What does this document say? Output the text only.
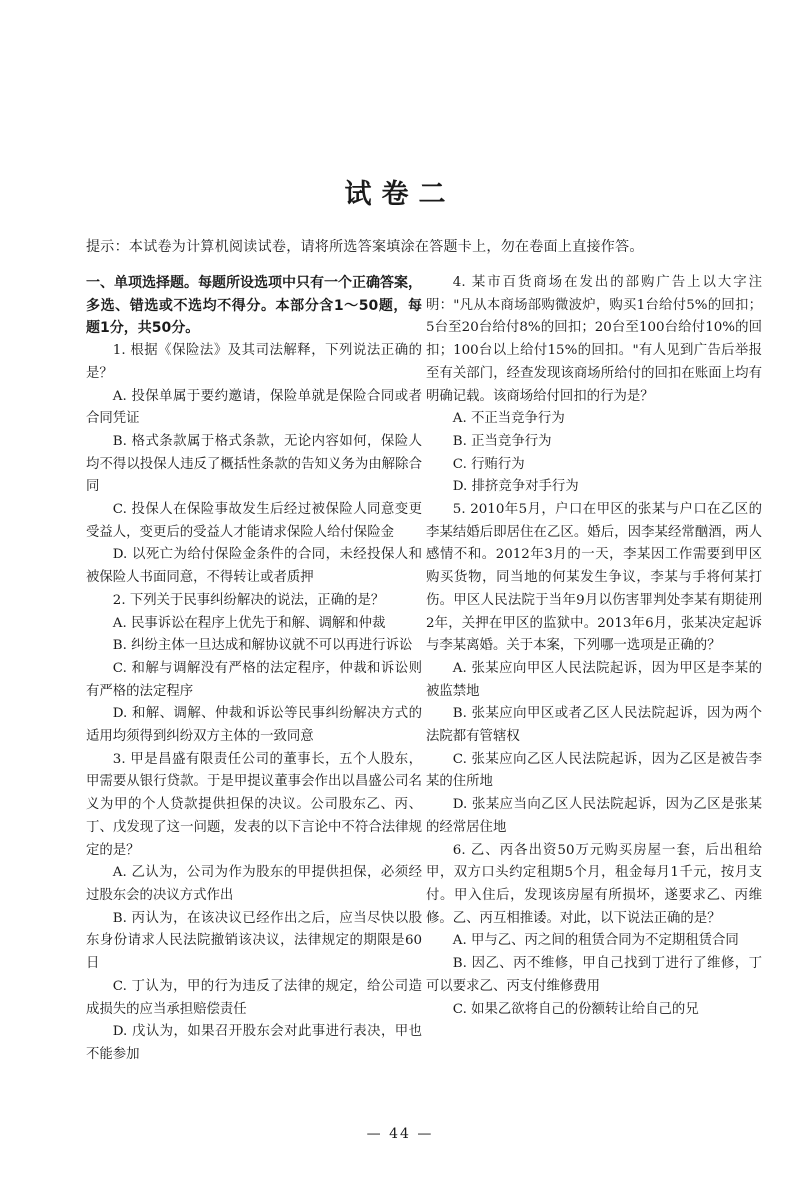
试卷二
提示：本试卷为计算机阅读试卷，请将所选答案填涂在答题卡上，勿在卷面上直接作答。

一、单项选择题。每题所设选项中只有一个正确答案，多选、错选或不选均不得分。本部分含1～50题，每题1分，共50分。

1. 根据《保险法》及其司法解释，下列说法正确的是？

A. 投保单属于要约邀请，保险单就是保险合同或者合同凭证

B. 格式条款属于格式条款，无论内容如何，保险人均不得以投保人违反了概括性条款的告知义务为由解除合同

C. 投保人在保险事故发生后经过被保险人同意变更受益人，变更后的受益人才能请求保险人给付保险金

D. 以死亡为给付保险金条件的合同，未经投保人和被保险人书面同意，不得转让或者质押

2. 下列关于民事纠纷解决的说法，正确的是？

A. 民事诉讼在程序上优先于和解、调解和仲裁

B. 纠纷主体一旦达成和解协议就不可以再进行诉讼

C. 和解与调解没有严格的法定程序，仲裁和诉讼则有严格的法定程序

D. 和解、调解、仲裁和诉讼等民事纠纷解决方式的适用均须得到纠纷双方主体的一致同意

3. 甲是昌盛有限责任公司的董事长，五个人股东，甲需要从银行贷款。于是甲提议董事会作出以昌盛公司名义为甲的个人贷款提供担保的决议。公司股东乙、丙、丁、戊发现了这一问题，发表的以下言论中不符合法律规定的是？

A. 乙认为，公司为作为股东的甲提供担保，必须经过股东会的决议方式作出

B. 丙认为，在该决议已经作出之后，应当尽快以股东身份请求人民法院撤销该决议，法律规定的期限是60日

C. 丁认为，甲的行为违反了法律的规定，给公司造成损失的应当承担赔偿责任

D. 戊认为，如果召开股东会对此事进行表决，甲也不能参加

4. 某市百货商场在发出的部购广告上以大字注明："凡从本商场部购微波炉，购买1台给付5%的回扣；5台至20台给付8%的回扣；20台至100台给付10%的回扣；100台以上给付15%的回扣。"有人见到广告后举报至有关部门，经查发现该商场所给付的回扣在账面上均有明确记载。该商场给付回扣的行为是？

A. 不正当竞争行为

B. 正当竞争行为

C. 行贿行为

D. 排挤竞争对手行为

5. 2010年5月，户口在甲区的张某与户口在乙区的李某结婚后即居住在乙区。婚后，因李某经常酗酒，两人感情不和。2012年3月的一天，李某因工作需要到甲区购买货物，同当地的何某发生争议，李某与手将何某打伤。甲区人民法院于当年9月以伤害罪判处李某有期徒刑2年，关押在甲区的监狱中。2013年6月，张某决定起诉与李某离婚。关于本案，下列哪一选项是正确的？

A. 张某应向甲区人民法院起诉，因为甲区是李某的被监禁地

B. 张某应向甲区或者乙区人民法院起诉，因为两个法院都有管辖权

C. 张某应向乙区人民法院起诉，因为乙区是被告李某的住所地

D. 张某应当向乙区人民法院起诉，因为乙区是张某的经常居住地

6. 乙、丙各出资50万元购买房屋一套，后出租给甲，双方口头约定租期5个月，租金每月1千元，按月支付。甲入住后，发现该房屋有所损坏，遂要求乙、丙维修。乙、丙互相推诿。对此，以下说法正确的是？

A. 甲与乙、丙之间的租赁合同为不定期租赁合同

B. 因乙、丙不维修，甲自己找到丁进行了维修，丁可以要求乙、丙支付维修费用

C. 如果乙欲将自己的份额转让给自己的兄

— 44 —
